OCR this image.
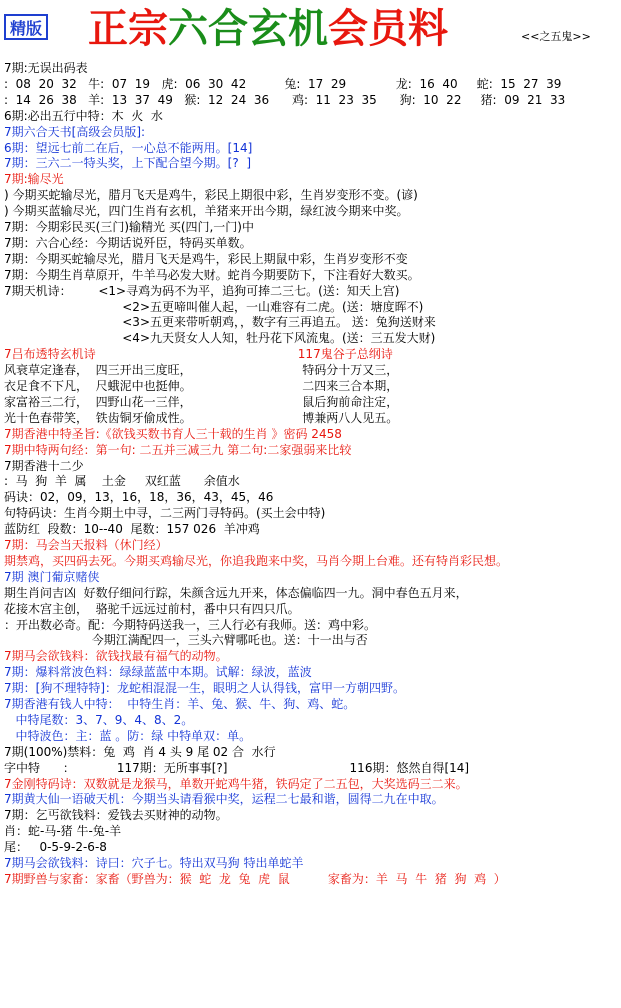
精版 正宗六合玄机会员料	<<之五鬼>>
7期:无误出码表
:  08  20  32   牛:  07  19   虎:  06  30  42          兔:  17  29             龙:  16  40     蛇:  15  27  39
:  14  26  38   羊:  13  37  49   猴:  12  24  36      鸡:  11  23  35      狗:  10  22     猪:  09  21  33
6期:必出五行中特：木  火  水
7期六合天书[高级会员版]:
6期：望远七前二在后，一心总不能两用。[14]
7期：三六二一特头奖，上下配合望今期。[?  ]
7期:输尽光
) 今期买蛇输尽光，腊月飞天是鸡牛，彩民上期很中彩，生肖岁变形不变。(谚)
) 今期买蓝输尽光，四门生肖有玄机，羊猪来开出今期，绿红波今期来中奖。
7期：今期彩民买(三门)输精光 买(四门,一门)中
7期：六合心经：今期话说歼臣，特码买单数。
7期：今期买蛇输尽光，腊月飞天是鸡牛，彩民上期鼠中彩，生肖岁变形不变
7期：今期生肖草原开，牛羊马必发大财。蛇肖今期要防下，下注看好大数买。
7期天机诗：       <1>寻鸡为码不为平，追狗可捧二三七。(送：知天上宫)
<2>五更啼叫催人起，一山难容有二虎。(送：塘度晖不)
<3>五更来带听朝鸡，，数字有三再追五。 送：兔狗送财来
<4>九天贤女人人知，牡丹花下风流鬼。(送：三五发大财)
7吕布透特玄机诗                                                     117鬼谷子总纲诗
风衰草定逢春，  四三开出三度旺，                             特码分十万又三，
衣足食不下凡，  尺蛾泥中也挺伸。                             二四来三合本期，
家富裕三二行，  四野山花一三伴，                             鼠后狗前命注定，
光十色春带笑，  铁齿铜牙偷成性。                             博兼两八人见五。
7期香港中特圣旨:《欲钱买数书育人三十载的生肖 》密码 2458
7期中特两句经：第一句: 二五并三减三九 第二句:二家强弱来比较
7期香港十二少
:  马  狗  羊  属    土金     双红蓝      余值水
码诀：02，09，13，16，18，36，43，45，46
句特码诀：生肖今期土中寻，二三两门寻特码。(买土会中特)
蓝防红  段数：10--40  尾数：157 026  羊冲鸡
7期：马会当天报料（休门经）
期禁鸡，买四码去死。今期买鸡输尽光，你追我跑来中奖，马肖今期上台难。还有特肖彩民想。
7期 澳门葡京赌侠
期生肖问吉凶  好数仔细问行踪，朱颜含远九开来，体态偏临四一九。洞中春色五月来，
花接木宫主创，  骆驼千远远过前村，番中只有四只爪。
：开出数必奇。配：今期特码送我一，三人行必有我师。送：鸡中彩。
今期江满配四一，三头六臂哪吒也。送：十一出与否
7期马会欲钱料：欲钱找最有福气的动物。
7期：爆料常波色料：绿绿蓝蓝中本期。试解：绿波，蓝波
7期：[狗不理特特]：龙蛇相混混一生，眼明之人认得钱，富甲一方朝四野。
7期香港有钱人中特：  中特生肖：羊、兔、猴、牛、狗、鸡、蛇。
中特尾数：3、7、9、4、8、2。
中特波色：主：蓝 。防：绿 中特单双：单。
7期(100%)禁料：兔  鸡  肖 4 头 9 尾 02 合  水行
字中特      ：           117期：无所事事[?]                                116期：悠然自得[14]
7金刚特码诗：双数就是龙猴马，单数开蛇鸡牛猪，铁码定了二五包，大奖选码三二来。
7期黄大仙一语破天机：今期当头请看猴中奖，运程二七最和谐，圆得二九在中取。
7期：乞丐欲钱料：爱钱去买财神的动物。
肖：蛇-马-猪 牛-兔-羊
尾：   0-5-9-2-6-8
7期马会欲钱料：诗曰：穴子七。特出双马狗 特出单蛇羊
7期野兽与家畜：家畜（野兽为：猴  蛇  龙  兔  虎  鼠          家畜为：羊  马  牛  猪  狗  鸡  ）
